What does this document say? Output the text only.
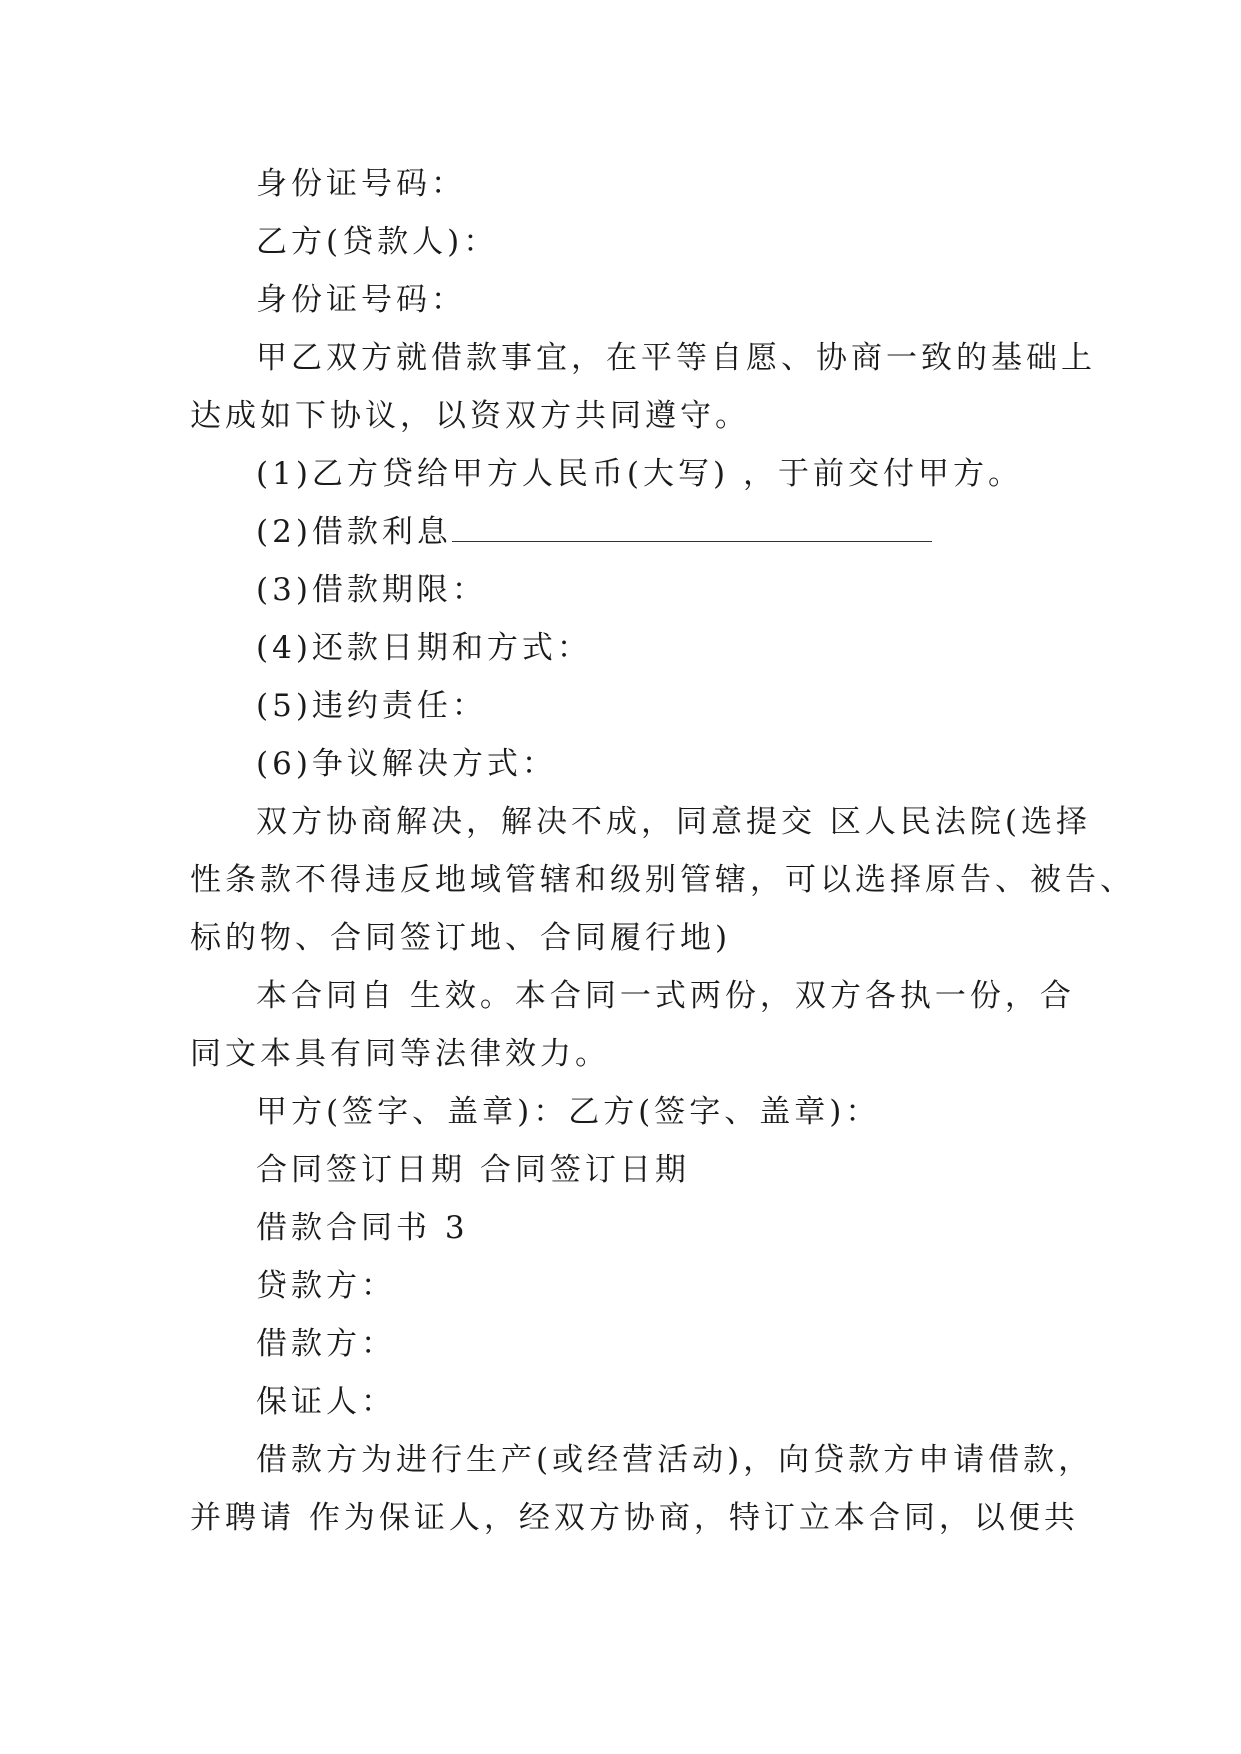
身份证号码：
乙方(贷款人)：
身份证号码：
甲乙双方就借款事宜，在平等自愿、协商一致的基础上
达成如下协议，以资双方共同遵守。
(1)乙方贷给甲方人民币(大写) ，于前交付甲方。
(2)借款利息
(3)借款期限：
(4)还款日期和方式：
(5)违约责任：
(6)争议解决方式：
双方协商解决，解决不成，同意提交 区人民法院(选择
性条款不得违反地域管辖和级别管辖，可以选择原告、被告、
标的物、合同签订地、合同履行地)
本合同自 生效。本合同一式两份，双方各执一份，合
同文本具有同等法律效力。
甲方(签字、盖章)：乙方(签字、盖章)：
合同签订日期 合同签订日期
借款合同书 3
贷款方：
借款方：
保证人：
借款方为进行生产(或经营活动)，向贷款方申请借款，
并聘请 作为保证人，经双方协商，特订立本合同，以便共
